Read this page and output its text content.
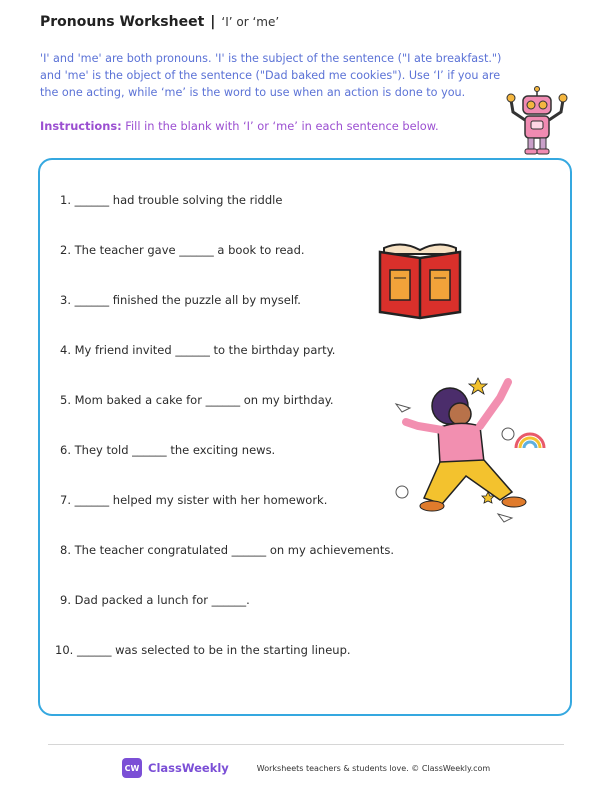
Pronouns Worksheet | ‘I’ or ‘me’
'I' and 'me' are both pronouns. 'I' is the subject of the sentence ("I ate breakfast.") and 'me' is the object of the sentence ("Dad baked me cookies"). Use ‘I’ if you are the one acting, while ‘me’ is the word to use when an action is done to you.
Instructions: Fill in the blank with ‘I’ or ‘me’ in each sentence below.
1. ______ had trouble solving the riddle
2. The teacher gave ______ a book to read.
3. ______ finished the puzzle all by myself.
4. My friend invited ______ to the birthday party.
5. Mom baked a cake for ______ on my birthday.
6. They told ______ the exciting news.
7. ______ helped my sister with her homework.
8. The teacher congratulated ______ on my achievements.
9. Dad packed a lunch for ______.
10. ______ was selected to be in the starting lineup.
CW ClassWeekly	Worksheets teachers & students love. © ClassWeekly.com
